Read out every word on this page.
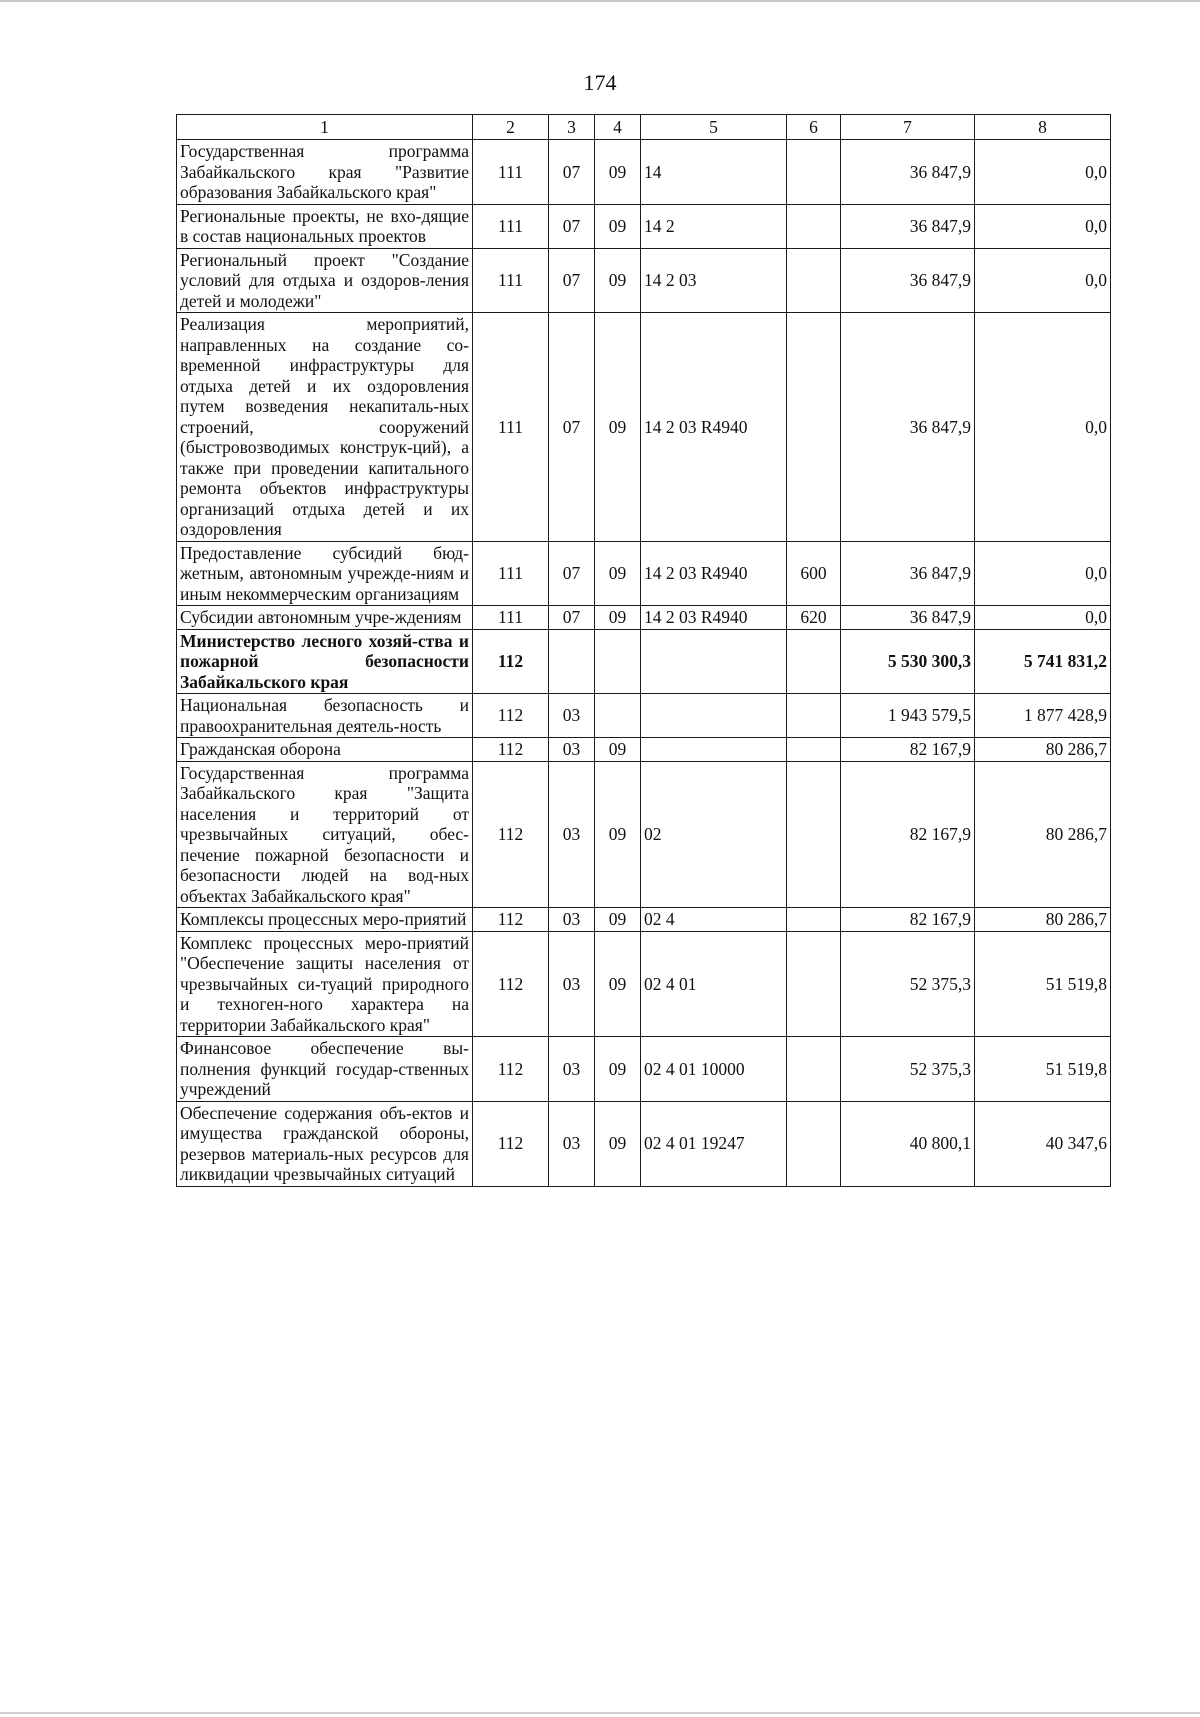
174
1	2	3	4	5	6	7	8
Государственная программа Забайкальского края "Развитие образования Забайкальского края"	111	07	09	14		36 847,9	0,0
Региональные проекты, не вхо-дящие в состав национальных проектов	111	07	09	14 2		36 847,9	0,0
Региональный проект "Создание условий для отдыха и оздоров-ления детей и молодежи"	111	07	09	14 2 03		36 847,9	0,0
Реализация мероприятий, направленных на создание со-временной инфраструктуры для отдыха детей и их оздоровления путем возведения некапиталь-ных строений, сооружений (быстровозводимых конструк-ций), а также при проведении капитального ремонта объектов инфраструктуры организаций отдыха детей и их оздоровления	111	07	09	14 2 03 R4940		36 847,9	0,0
Предоставление субсидий бюд-жетным, автономным учрежде-ниям и иным некоммерческим организациям	111	07	09	14 2 03 R4940	600	36 847,9	0,0
Субсидии автономным учре-ждениям	111	07	09	14 2 03 R4940	620	36 847,9	0,0
Министерство лесного хозяй-ства и пожарной безопасности Забайкальского края	112					5 530 300,3	5 741 831,2
Национальная безопасность и правоохранительная деятель-ность	112	03				1 943 579,5	1 877 428,9
Гражданская оборона	112	03	09			82 167,9	80 286,7
Государственная программа Забайкальского края "Защита населения и территорий от чрезвычайных ситуаций, обес-печение пожарной безопасности и безопасности людей на вод-ных объектах Забайкальского края"	112	03	09	02		82 167,9	80 286,7
Комплексы процессных меро-приятий	112	03	09	02 4		82 167,9	80 286,7
Комплекс процессных меро-приятий "Обеспечение защиты населения от чрезвычайных си-туаций природного и техноген-ного характера на территории Забайкальского края"	112	03	09	02 4 01		52 375,3	51 519,8
Финансовое обеспечение вы-полнения функций государ-ственных учреждений	112	03	09	02 4 01 10000		52 375,3	51 519,8
Обеспечение содержания объ-ектов и имущества гражданской обороны, резервов материаль-ных ресурсов для ликвидации чрезвычайных ситуаций	112	03	09	02 4 01 19247		40 800,1	40 347,6
